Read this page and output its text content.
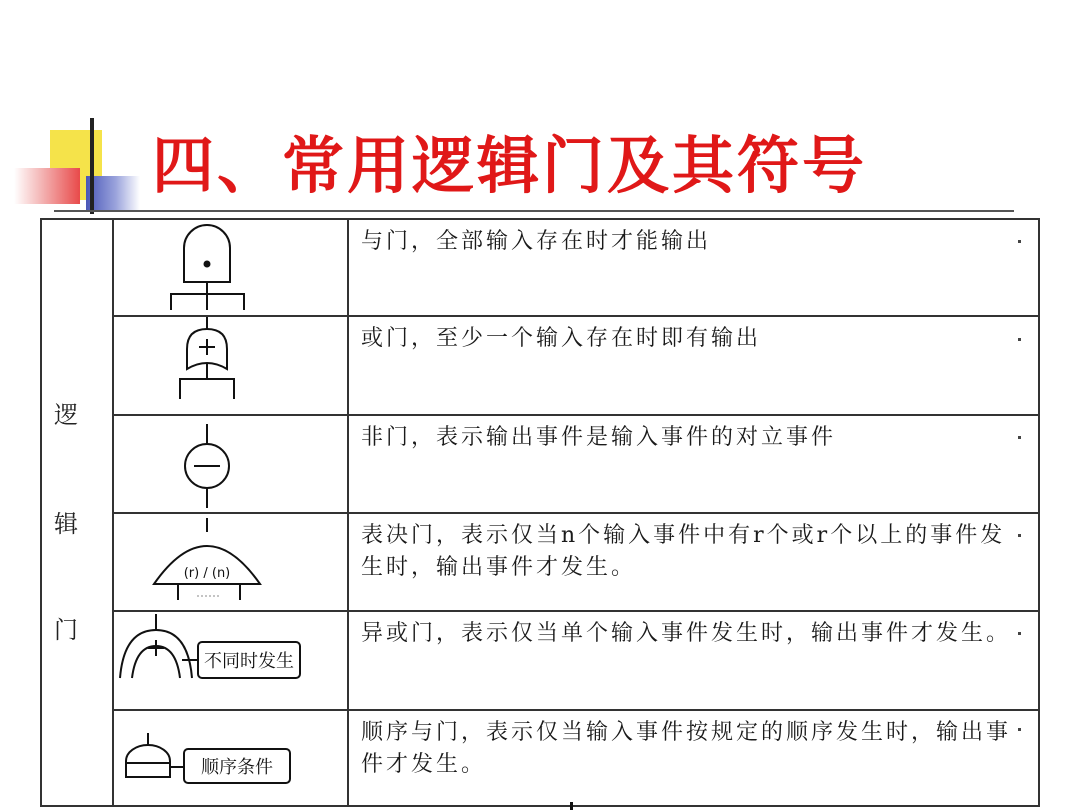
四、常用逻辑门及其符号
逻
辑
门		与门，全部输入存在时才能输出

	或门，至少一个输入存在时即有输出

	非门，表示输出事件是输入事件的对立事件

(r) / (n)	表决门，表示仅当n个输入事件中有r个或r个以上的事件发生时，输出事件才发生。

不同时发生	异或门，表示仅当单个输入事件发生时，输出事件才发生。

顺序条件	顺序与门，表示仅当输入事件按规定的顺序发生时，输出事件才发生。
